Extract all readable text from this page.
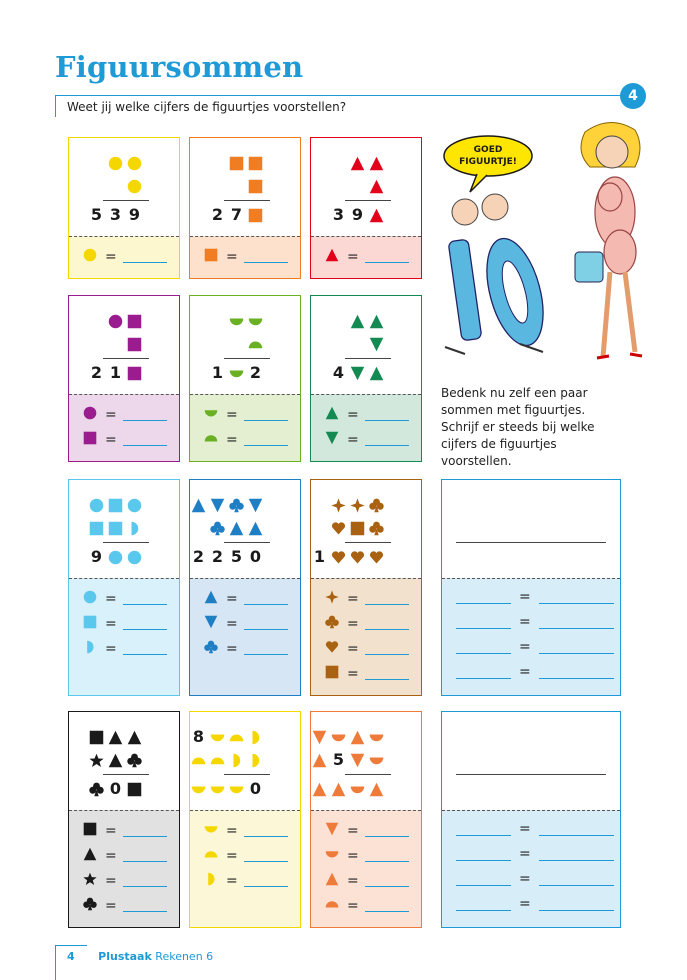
Figuursommen
4
Weet jij welke cijfers de figuurtjes voorstellen?
5 3 9
=
2 7
=
3 9
=
2 1
=
=
1 2
=
=
4
=
=
9
=
=
=
2 2 5 0
=
=
=
1
=
=
=
=
0
=
=
=
=
8
0
=
=
=
5
=
=
=
=
=
=
=
=
=
=
=
=
GOED
FIGUURTJE!
Bedenk nu zelf een paar sommen met figuurtjes. Schrijf er steeds bij welke cijfers de figuurtjes voorstellen.
4 Plustaak Rekenen 6
